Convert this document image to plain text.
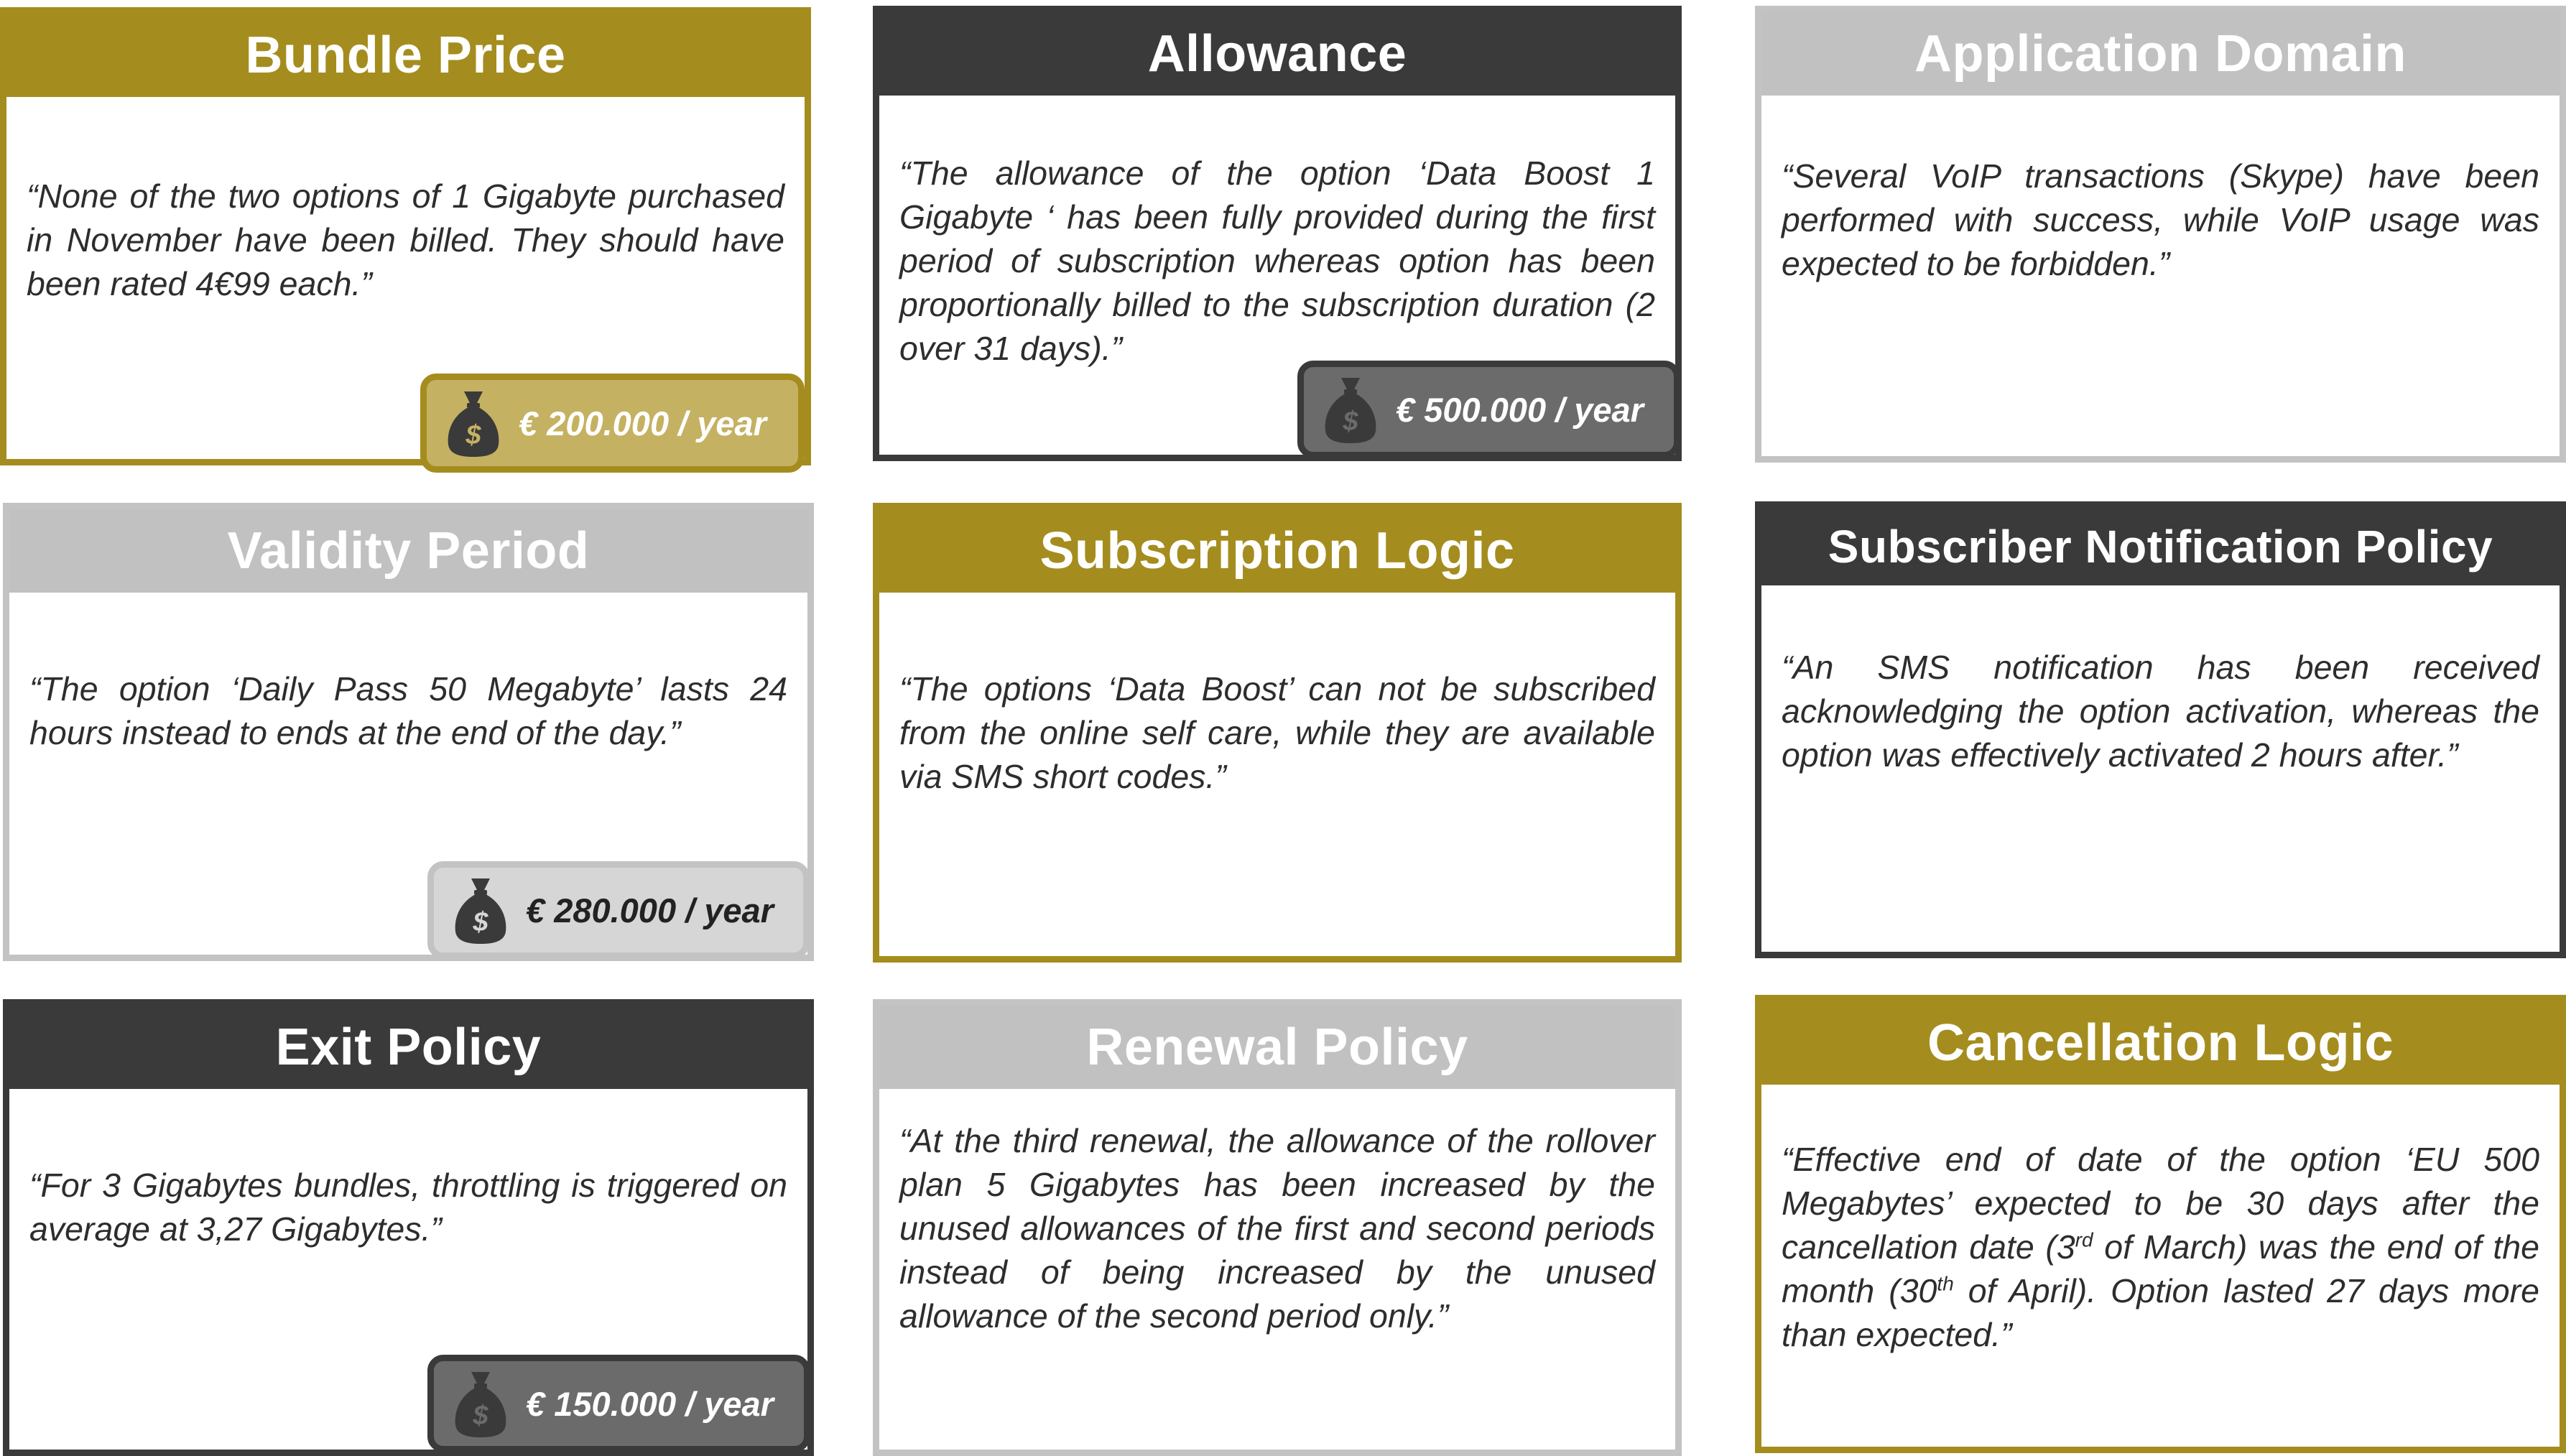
Bundle Price
“None of the two options of 1 Gigabyte purchased in November have been billed. They should have been rated 4€99 each.”
$ € 200.000 / year
Allowance
“The allowance of the option ‘Data Boost 1 Gigabyte ‘ has been fully provided during the first period of subscription whereas option has been proportionally billed to the subscription duration (2 over 31 days).”
$ € 500.000 / year
Application Domain
“Several VoIP transactions (Skype) have been performed with success, while VoIP usage was expected to be forbidden.”
Validity Period
“The option ‘Daily Pass 50 Megabyte’ lasts 24 hours instead to ends at the end of the day.”
$ € 280.000 / year
Subscription Logic
“The options ‘Data Boost’ can not be subscribed from the online self care, while they are available via SMS short codes.”
Subscriber Notification Policy
“An SMS notification has been received acknowledging the option activation, whereas the option was effectively activated 2 hours after.”
Exit Policy
“For 3 Gigabytes bundles, throttling is triggered on average at 3,27 Gigabytes.”
$ € 150.000 / year
Renewal Policy
“At the third renewal, the allowance of the rollover plan 5 Gigabytes has been increased by the unused allowances of the first and second periods instead of being increased by the unused allowance of the second period only.”
Cancellation Logic
“Effective end of date of the option ‘EU 500 Megabytes’ expected to be 30 days after the cancellation date (3rd of March) was the end of the month (30th of April). Option lasted 27 days more than expected.”
